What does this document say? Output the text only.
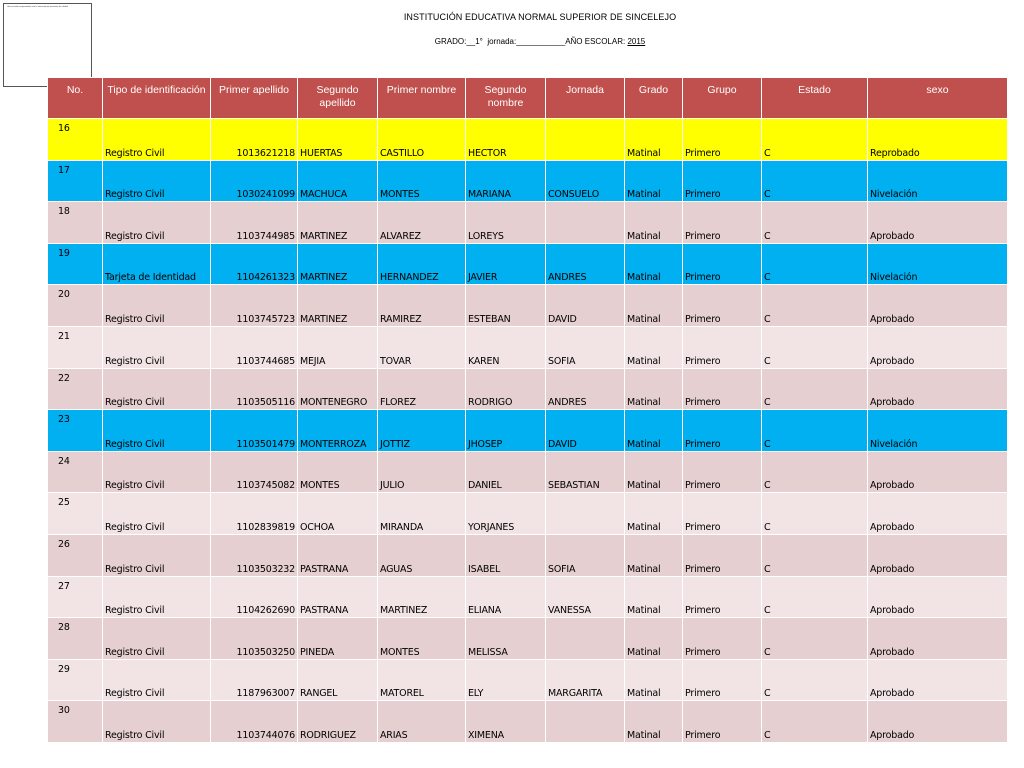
Una escuela comprometida con la formación de maestros de calidad
INSTITUCIÓN EDUCATIVA NORMAL SUPERIOR DE SINCELEJO
GRADO:__1° jornada:___________AÑO ESCOLAR: 2015
No.	Tipo de identificación	Primer apellido	Segundo apellido	Primer nombre	Segundo nombre	Jornada	Grado	Grupo	Estado	sexo
16	Registro Civil	1013621218	HUERTAS	CASTILLO	HECTOR		Matinal	Primero	C	Reprobado
17	Registro Civil	1030241099	MACHUCA	MONTES	MARIANA	CONSUELO	Matinal	Primero	C	Nivelación
18	Registro Civil	1103744985	MARTINEZ	ALVAREZ	LOREYS		Matinal	Primero	C	Aprobado
19	Tarjeta de Identidad	1104261323	MARTINEZ	HERNANDEZ	JAVIER	ANDRES	Matinal	Primero	C	Nivelación
20	Registro Civil	1103745723	MARTINEZ	RAMIREZ	ESTEBAN	DAVID	Matinal	Primero	C	Aprobado
21	Registro Civil	1103744685	MEJIA	TOVAR	KAREN	SOFIA	Matinal	Primero	C	Aprobado
22	Registro Civil	1103505116	MONTENEGRO	FLOREZ	RODRIGO	ANDRES	Matinal	Primero	C	Aprobado
23	Registro Civil	1103501479	MONTERROZA	JOTTIZ	JHOSEP	DAVID	Matinal	Primero	C	Nivelación
24	Registro Civil	1103745082	MONTES	JULIO	DANIEL	SEBASTIAN	Matinal	Primero	C	Aprobado
25	Registro Civil	1102839819	OCHOA	MIRANDA	YORJANES		Matinal	Primero	C	Aprobado
26	Registro Civil	1103503232	PASTRANA	AGUAS	ISABEL	SOFIA	Matinal	Primero	C	Aprobado
27	Registro Civil	1104262690	PASTRANA	MARTINEZ	ELIANA	VANESSA	Matinal	Primero	C	Aprobado
28	Registro Civil	1103503250	PINEDA	MONTES	MELISSA		Matinal	Primero	C	Aprobado
29	Registro Civil	1187963007	RANGEL	MATOREL	ELY	MARGARITA	Matinal	Primero	C	Aprobado
30	Registro Civil	1103744076	RODRIGUEZ	ARIAS	XIMENA		Matinal	Primero	C	Aprobado
